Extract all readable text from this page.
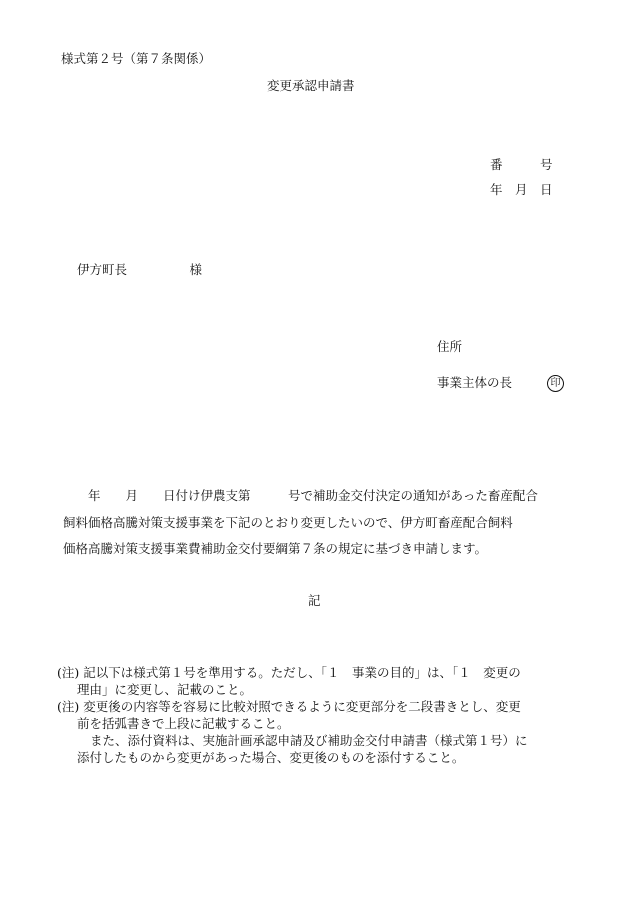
様式第２号（第７条関係）
変更承認申請書
番　　　号
年　月　日
伊方町長　　　　　様
住所
事業主体の長	印
年　　月　　日付け伊農支第　　　号で補助金交付決定の通知があった畜産配合
飼料価格高騰対策支援事業を下記のとおり変更したいので、伊方町畜産配合飼料
価格高騰対策支援事業費補助金交付要綱第７条の規定に基づき申請します。
記
(注) 記以下は様式第１号を準用する。ただし、「１　事業の目的」は、「１　変更の
理由」に変更し、記載のこと。
(注) 変更後の内容等を容易に比較対照できるように変更部分を二段書きとし、変更
前を括弧書きで上段に記載すること。
また、添付資料は、実施計画承認申請及び補助金交付申請書（様式第１号）に
添付したものから変更があった場合、変更後のものを添付すること。
